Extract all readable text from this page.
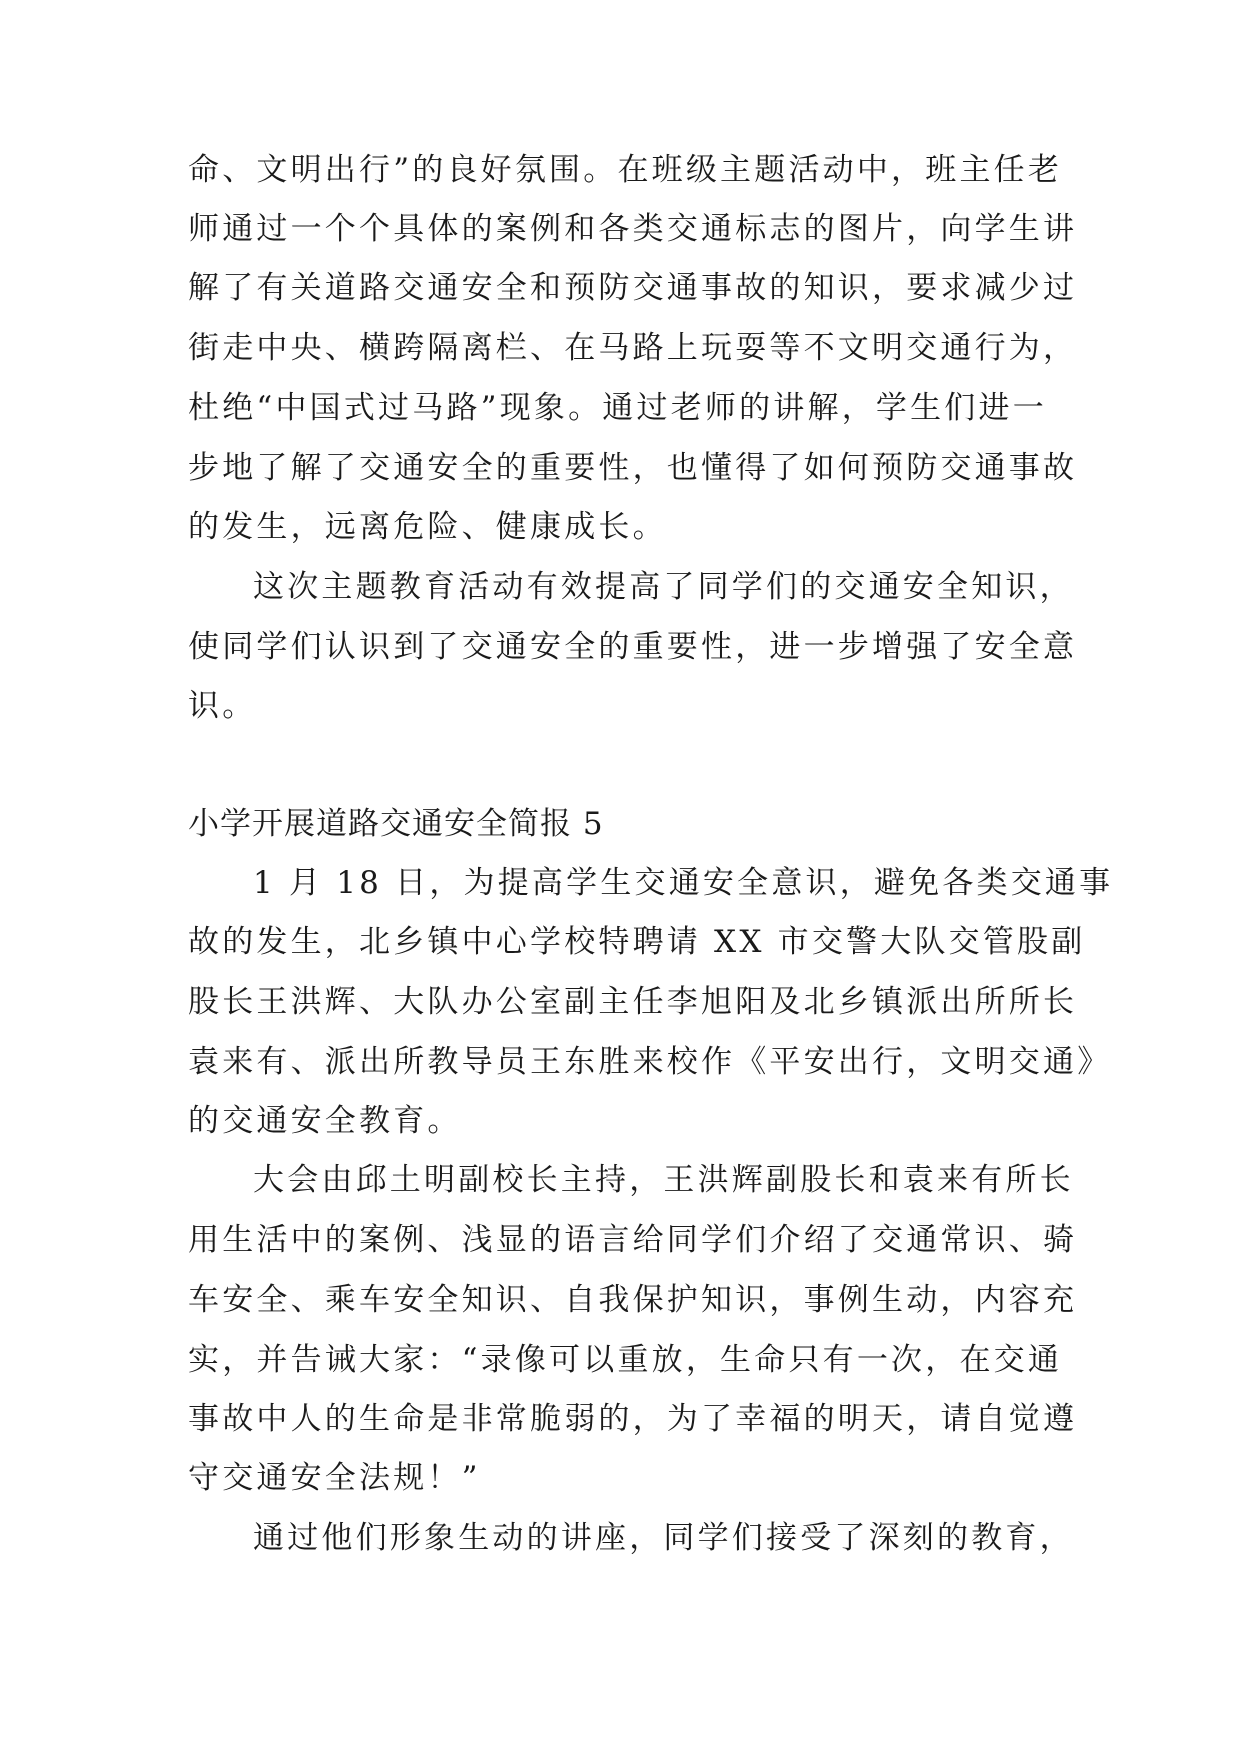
命、文明出行”的良好氛围。在班级主题活动中，班主任老
师通过一个个具体的案例和各类交通标志的图片，向学生讲
解了有关道路交通安全和预防交通事故的知识，要求减少过
街走中央、横跨隔离栏、在马路上玩耍等不文明交通行为，
杜绝“中国式过马路”现象。通过老师的讲解，学生们进一
步地了解了交通安全的重要性，也懂得了如何预防交通事故
的发生，远离危险、健康成长。
这次主题教育活动有效提高了同学们的交通安全知识，
使同学们认识到了交通安全的重要性，进一步增强了安全意
识。
小学开展道路交通安全简报 5
1 月 18 日，为提高学生交通安全意识，避免各类交通事
故的发生，北乡镇中心学校特聘请 XX 市交警大队交管股副
股长王洪辉、大队办公室副主任李旭阳及北乡镇派出所所长
袁来有、派出所教导员王东胜来校作《平安出行，文明交通》
的交通安全教育。
大会由邱土明副校长主持，王洪辉副股长和袁来有所长
用生活中的案例、浅显的语言给同学们介绍了交通常识、骑
车安全、乘车安全知识、自我保护知识，事例生动，内容充
实，并告诫大家：“录像可以重放，生命只有一次，在交通
事故中人的生命是非常脆弱的，为了幸福的明天，请自觉遵
守交通安全法规！”
通过他们形象生动的讲座，同学们接受了深刻的教育，
